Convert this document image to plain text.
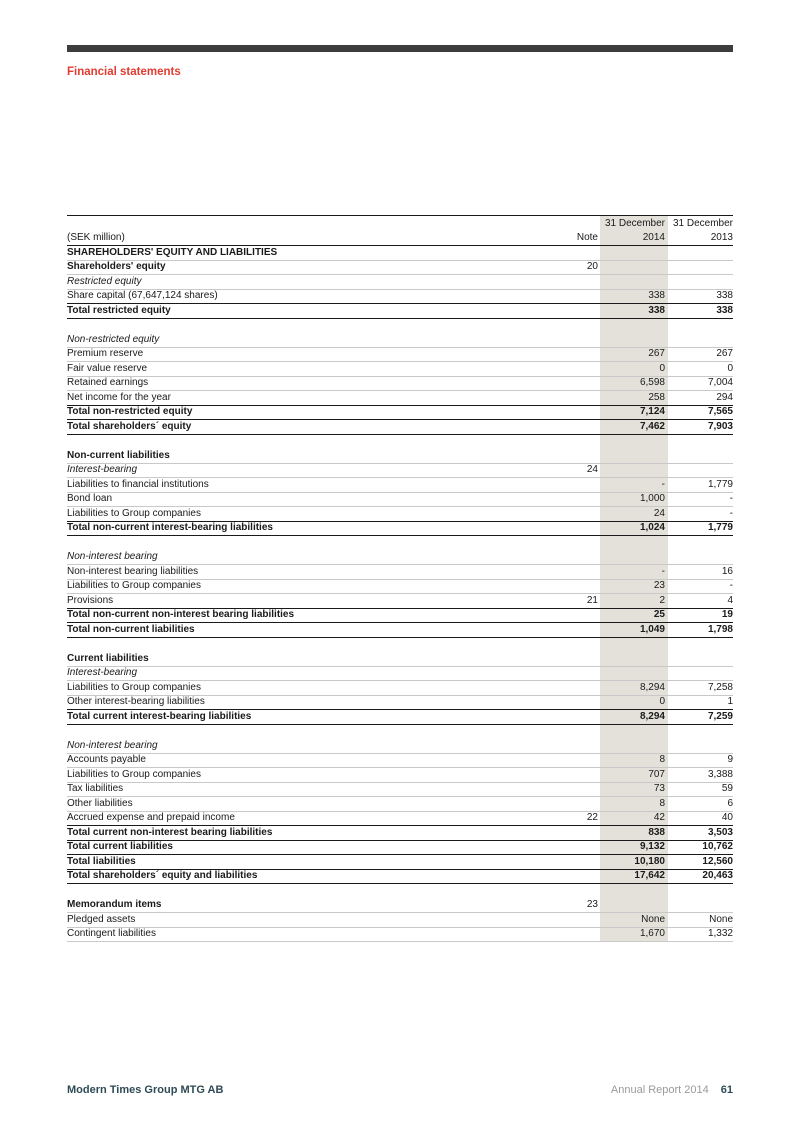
Financial statements
		31 December	31 December
(SEK million)	Note	2014	2013
SHAREHOLDERS' EQUITY AND LIABILITIES			
Shareholders' equity	20		
Restricted equity			
Share capital (67,647,124 shares)		338	338
Total restricted equity		338	338

Non-restricted equity			
Premium reserve		267	267
Fair value reserve		0	0
Retained earnings		6,598	7,004
Net income for the year		258	294
Total non-restricted equity		7,124	7,565
Total shareholders´ equity		7,462	7,903

Non-current liabilities			
Interest-bearing	24		
Liabilities to financial institutions		-	1,779
Bond loan		1,000	-
Liabilities to Group companies		24	-
Total non-current interest-bearing liabilities		1,024	1,779

Non-interest bearing			
Non-interest bearing liabilities		-	16
Liabilities to Group companies		23	-
Provisions	21	2	4
Total non-current non-interest bearing liabilities		25	19
Total non-current liabilities		1,049	1,798

Current liabilities			
Interest-bearing			
Liabilities to Group companies		8,294	7,258
Other interest-bearing liabilities		0	1
Total current interest-bearing liabilities		8,294	7,259

Non-interest bearing			
Accounts payable		8	9
Liabilities to Group companies		707	3,388
Tax liabilities		73	59
Other liabilities		8	6
Accrued expense and prepaid income	22	42	40
Total current non-interest bearing liabilities		838	3,503
Total current liabilities		9,132	10,762
Total liabilities		10,180	12,560
Total shareholders´ equity and liabilities		17,642	20,463

Memorandum items	23		
Pledged assets		None	None
Contingent liabilities		1,670	1,332
Modern Times Group MTG AB	Annual Report 2014 61
